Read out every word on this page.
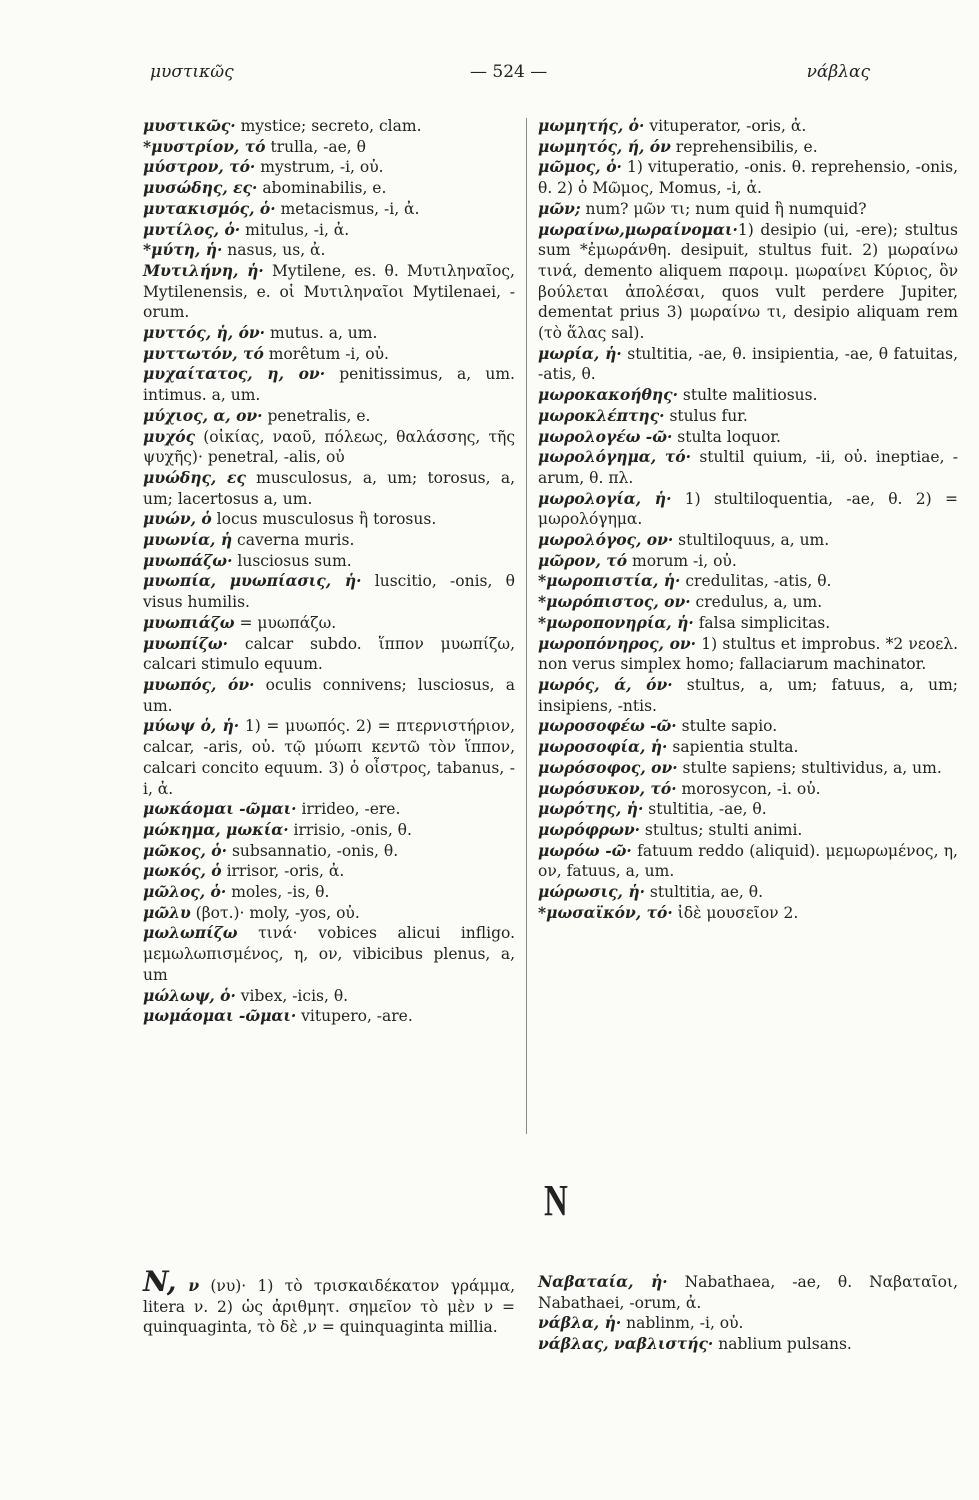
μυστικῶς	— 524 —	νάβλας

μυστικῶς· mystice; secreto, clam.

*μυστρίον, τό trulla, -ae, θ

μύστρον, τό· mystrum, -i, οὐ.

μυσώδης, ες· abominabilis, e.

μυτακισμός, ὁ· metacismus, -i, ἀ.

μυτίλος, ὁ· mitulus, -i, ἀ.

*μύτη, ἡ· nasus, us, ἀ.

Μυτιλήνη, ἡ· Mytilene, es. θ. Μυτιληναῖος, Mytilenensis, e. οἱ Μυτιληναῖοι Mytilenaei, -orum.

μυττός, ἡ, όν· mutus. a, um.

μυττωτόν, τό morêtum -i, οὐ.

μυχαίτατος, η, ον· penitissimus, a, um. intimus. a, um.

μύχιος, α, ον· penetralis, e.

μυχός (οἰκίας, ναοῦ, πόλεως, θαλάσσης, τῆς ψυχῆς)· penetral, -alis, οὐ

μυώδης, ες musculosus, a, um; torosus, a, um; lacertosus a, um.

μυών, ὁ locus musculosus ἢ torosus.

μυωνία, ἡ caverna muris.

μυωπάζω· lusciosus sum.

μυωπία, μυωπίασις, ἡ· luscitio, -onis, θ visus humilis.

μυωπιάζω = μυωπάζω.

μυωπίζω· calcar subdo. ἵππον μυωπίζω, calcari stimulo equum.

μυωπός, όν· oculis connivens; lusciosus, a um.

μύωψ ὁ, ἡ· 1) = μυωπός. 2) = πτερνιστήριον, calcar, -aris, οὐ. τῷ μύωπι κεντῶ τὸν ἵππον, calcari concito equum. 3) ὁ οἶστρος, tabanus, -i, ἀ.

μωκάομαι -ῶμαι· irrideo, -ere.

μώκημα, μωκία· irrisio, -onis, θ.

μῶκος, ὁ· subsannatio, -onis, θ.

μωκός, ὁ irrisor, -oris, ἀ.

μῶλος, ὁ· moles, -is, θ.

μῶλυ (βοτ.)· moly, -yos, οὐ.

μωλωπίζω τινά· vobices alicui infligo. μεμωλωπισμένος, η, ον, vibicibus plenus, a, um

μώλωψ, ὁ· vibex, -icis, θ.

μωμάομαι -ῶμαι· vitupero, -are.

μωμητής, ὁ· vituperator, -oris, ἀ.

μωμητός, ή, όν reprehensibilis, e.

μῶμος, ὁ· 1) vituperatio, -onis. θ. reprehensio, -onis, θ. 2) ὁ Μῶμος, Momus, -i, ἀ.

μῶν; num? μῶν τι; num quid ἢ numquid?

μωραίνω,μωραίνομαι·1) desipio (ui, -ere); stultus sum *ἐμωράνθη. desipuit, stultus fuit. 2) μωραίνω τινά, demento aliquem παροιμ. μωραίνει Κύριος, ὃν βούλεται ἀπολέσαι, quos vult perdere Jupiter, dementat prius 3) μωραίνω τι, desipio aliquam rem (τὸ ἅλας sal).

μωρία, ἡ· stultitia, -ae, θ. insipientia, -ae, θ fatuitas, -atis, θ.

μωροκακοήθης· stulte malitiosus.

μωροκλέπτης· stulus fur.

μωρολογέω -ῶ· stulta loquor.

μωρολόγημα, τό· stultil quium, -ii, οὐ. ineptiae, -arum, θ. πλ.

μωρολογία, ἡ· 1) stultiloquentia, -ae, θ. 2) = μωρολόγημα.

μωρολόγος, ον· stultiloquus, a, um.

μῶρον, τό morum -i, οὐ.

*μωροπιστία, ἡ· credulitas, -atis, θ.

*μωρόπιστος, ον· credulus, a, um.

*μωροπονηρία, ἡ· falsa simplicitas.

μωροπόνηρος, ον· 1) stultus et improbus. *2 νεοελ. non verus simplex homo; fallaciarum machinator.

μωρός, ά, όν· stultus, a, um; fatuus, a, um; insipiens, -ntis.

μωροσοφέω -ῶ· stulte sapio.

μωροσοφία, ἡ· sapientia stulta.

μωρόσοφος, ον· stulte sapiens; stultividus, a, um.

μωρόσυκον, τό· morosycon, -i. οὐ.

μωρότης, ἡ· stultitia, -ae, θ.

μωρόφρων· stultus; stulti animi.

μωρόω -ῶ· fatuum reddo (aliquid). μεμωρωμένος, η, ον, fatuus, a, um.

μώρωσις, ἡ· stultitia, ae, θ.

*μωσαϊκόν, τό· ἰδὲ μουσεῖον 2.

N

N, ν (νυ)· 1) τὸ τρισκαιδέκατον γράμμα, litera ν. 2) ὡς ἀριθμητ. σημεῖον τὸ μὲν ν = quinquaginta, τὸ δὲ ,ν = quinquaginta millia.

Ναβαταία, ἡ· Nabathaea, -ae, θ. Ναβαταῖοι, Nabathaei, -orum, ἀ.

νάβλα, ἡ· nablinm, -i, οὐ.

νάβλας, ναβλιστής· nablium pulsans.
